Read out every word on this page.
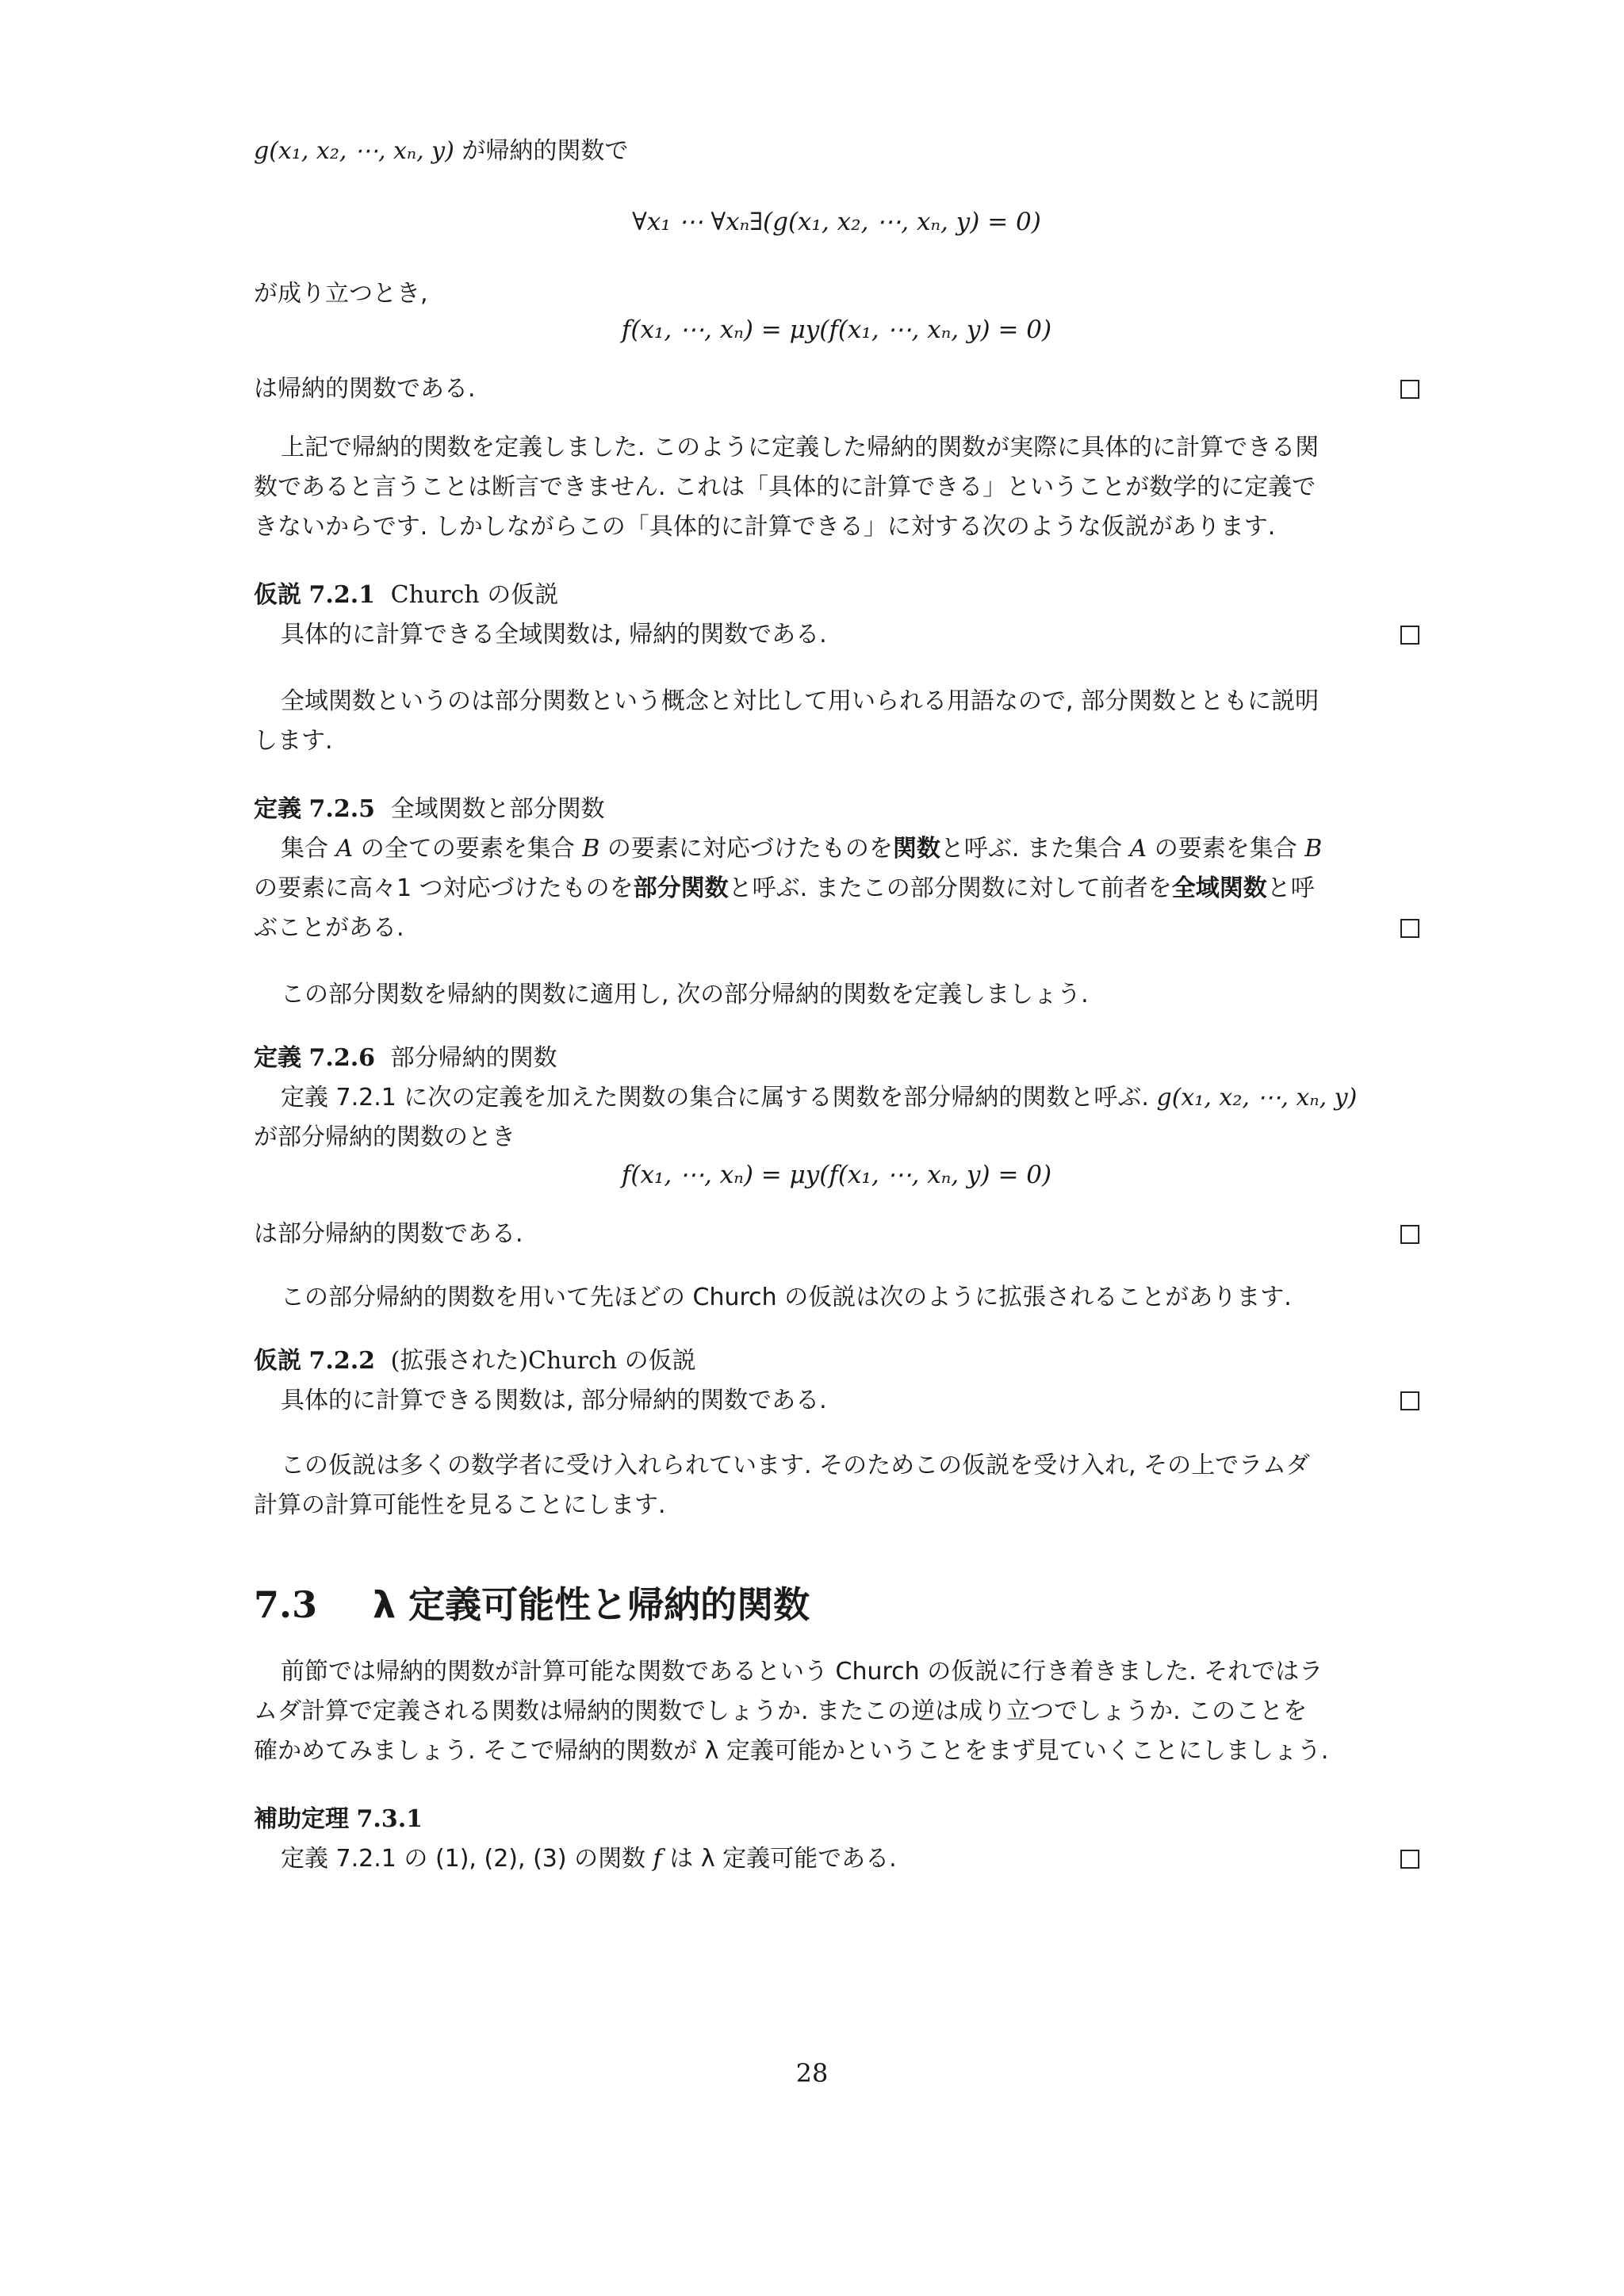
g(x₁, x₂, ⋯, xₙ, y) が帰納的関数で
∀x₁ ⋯ ∀xₙ∃(g(x₁, x₂, ⋯, xₙ, y) = 0)
が成り立つとき,
f(x₁, ⋯, xₙ) = μy(f(x₁, ⋯, xₙ, y) = 0)
は帰納的関数である.
上記で帰納的関数を定義しました. このように定義した帰納的関数が実際に具体的に計算できる関
数であると言うことは断言できません. これは「具体的に計算できる」ということが数学的に定義で
きないからです. しかしながらこの「具体的に計算できる」に対する次のような仮説があります.
仮説 7.2.1 Church の仮説
具体的に計算できる全域関数は, 帰納的関数である.
全域関数というのは部分関数という概念と対比して用いられる用語なので, 部分関数とともに説明
します.
定義 7.2.5 全域関数と部分関数
集合 A の全ての要素を集合 B の要素に対応づけたものを関数と呼ぶ. また集合 A の要素を集合 B
の要素に高々1 つ対応づけたものを部分関数と呼ぶ. またこの部分関数に対して前者を全域関数と呼
ぶことがある.
この部分関数を帰納的関数に適用し, 次の部分帰納的関数を定義しましょう.
定義 7.2.6 部分帰納的関数
定義 7.2.1 に次の定義を加えた関数の集合に属する関数を部分帰納的関数と呼ぶ. g(x₁, x₂, ⋯, xₙ, y)
が部分帰納的関数のとき
f(x₁, ⋯, xₙ) = μy(f(x₁, ⋯, xₙ, y) = 0)
は部分帰納的関数である.
この部分帰納的関数を用いて先ほどの Church の仮説は次のように拡張されることがあります.
仮説 7.2.2 (拡張された)Church の仮説
具体的に計算できる関数は, 部分帰納的関数である.
この仮説は多くの数学者に受け入れられています. そのためこの仮説を受け入れ, その上でラムダ
計算の計算可能性を見ることにします.
7.3 λ 定義可能性と帰納的関数
前節では帰納的関数が計算可能な関数であるという Church の仮説に行き着きました. それではラ
ムダ計算で定義される関数は帰納的関数でしょうか. またこの逆は成り立つでしょうか. このことを
確かめてみましょう. そこで帰納的関数が λ 定義可能かということをまず見ていくことにしましょう.
補助定理 7.3.1
定義 7.2.1 の (1), (2), (3) の関数 f は λ 定義可能である.
28
